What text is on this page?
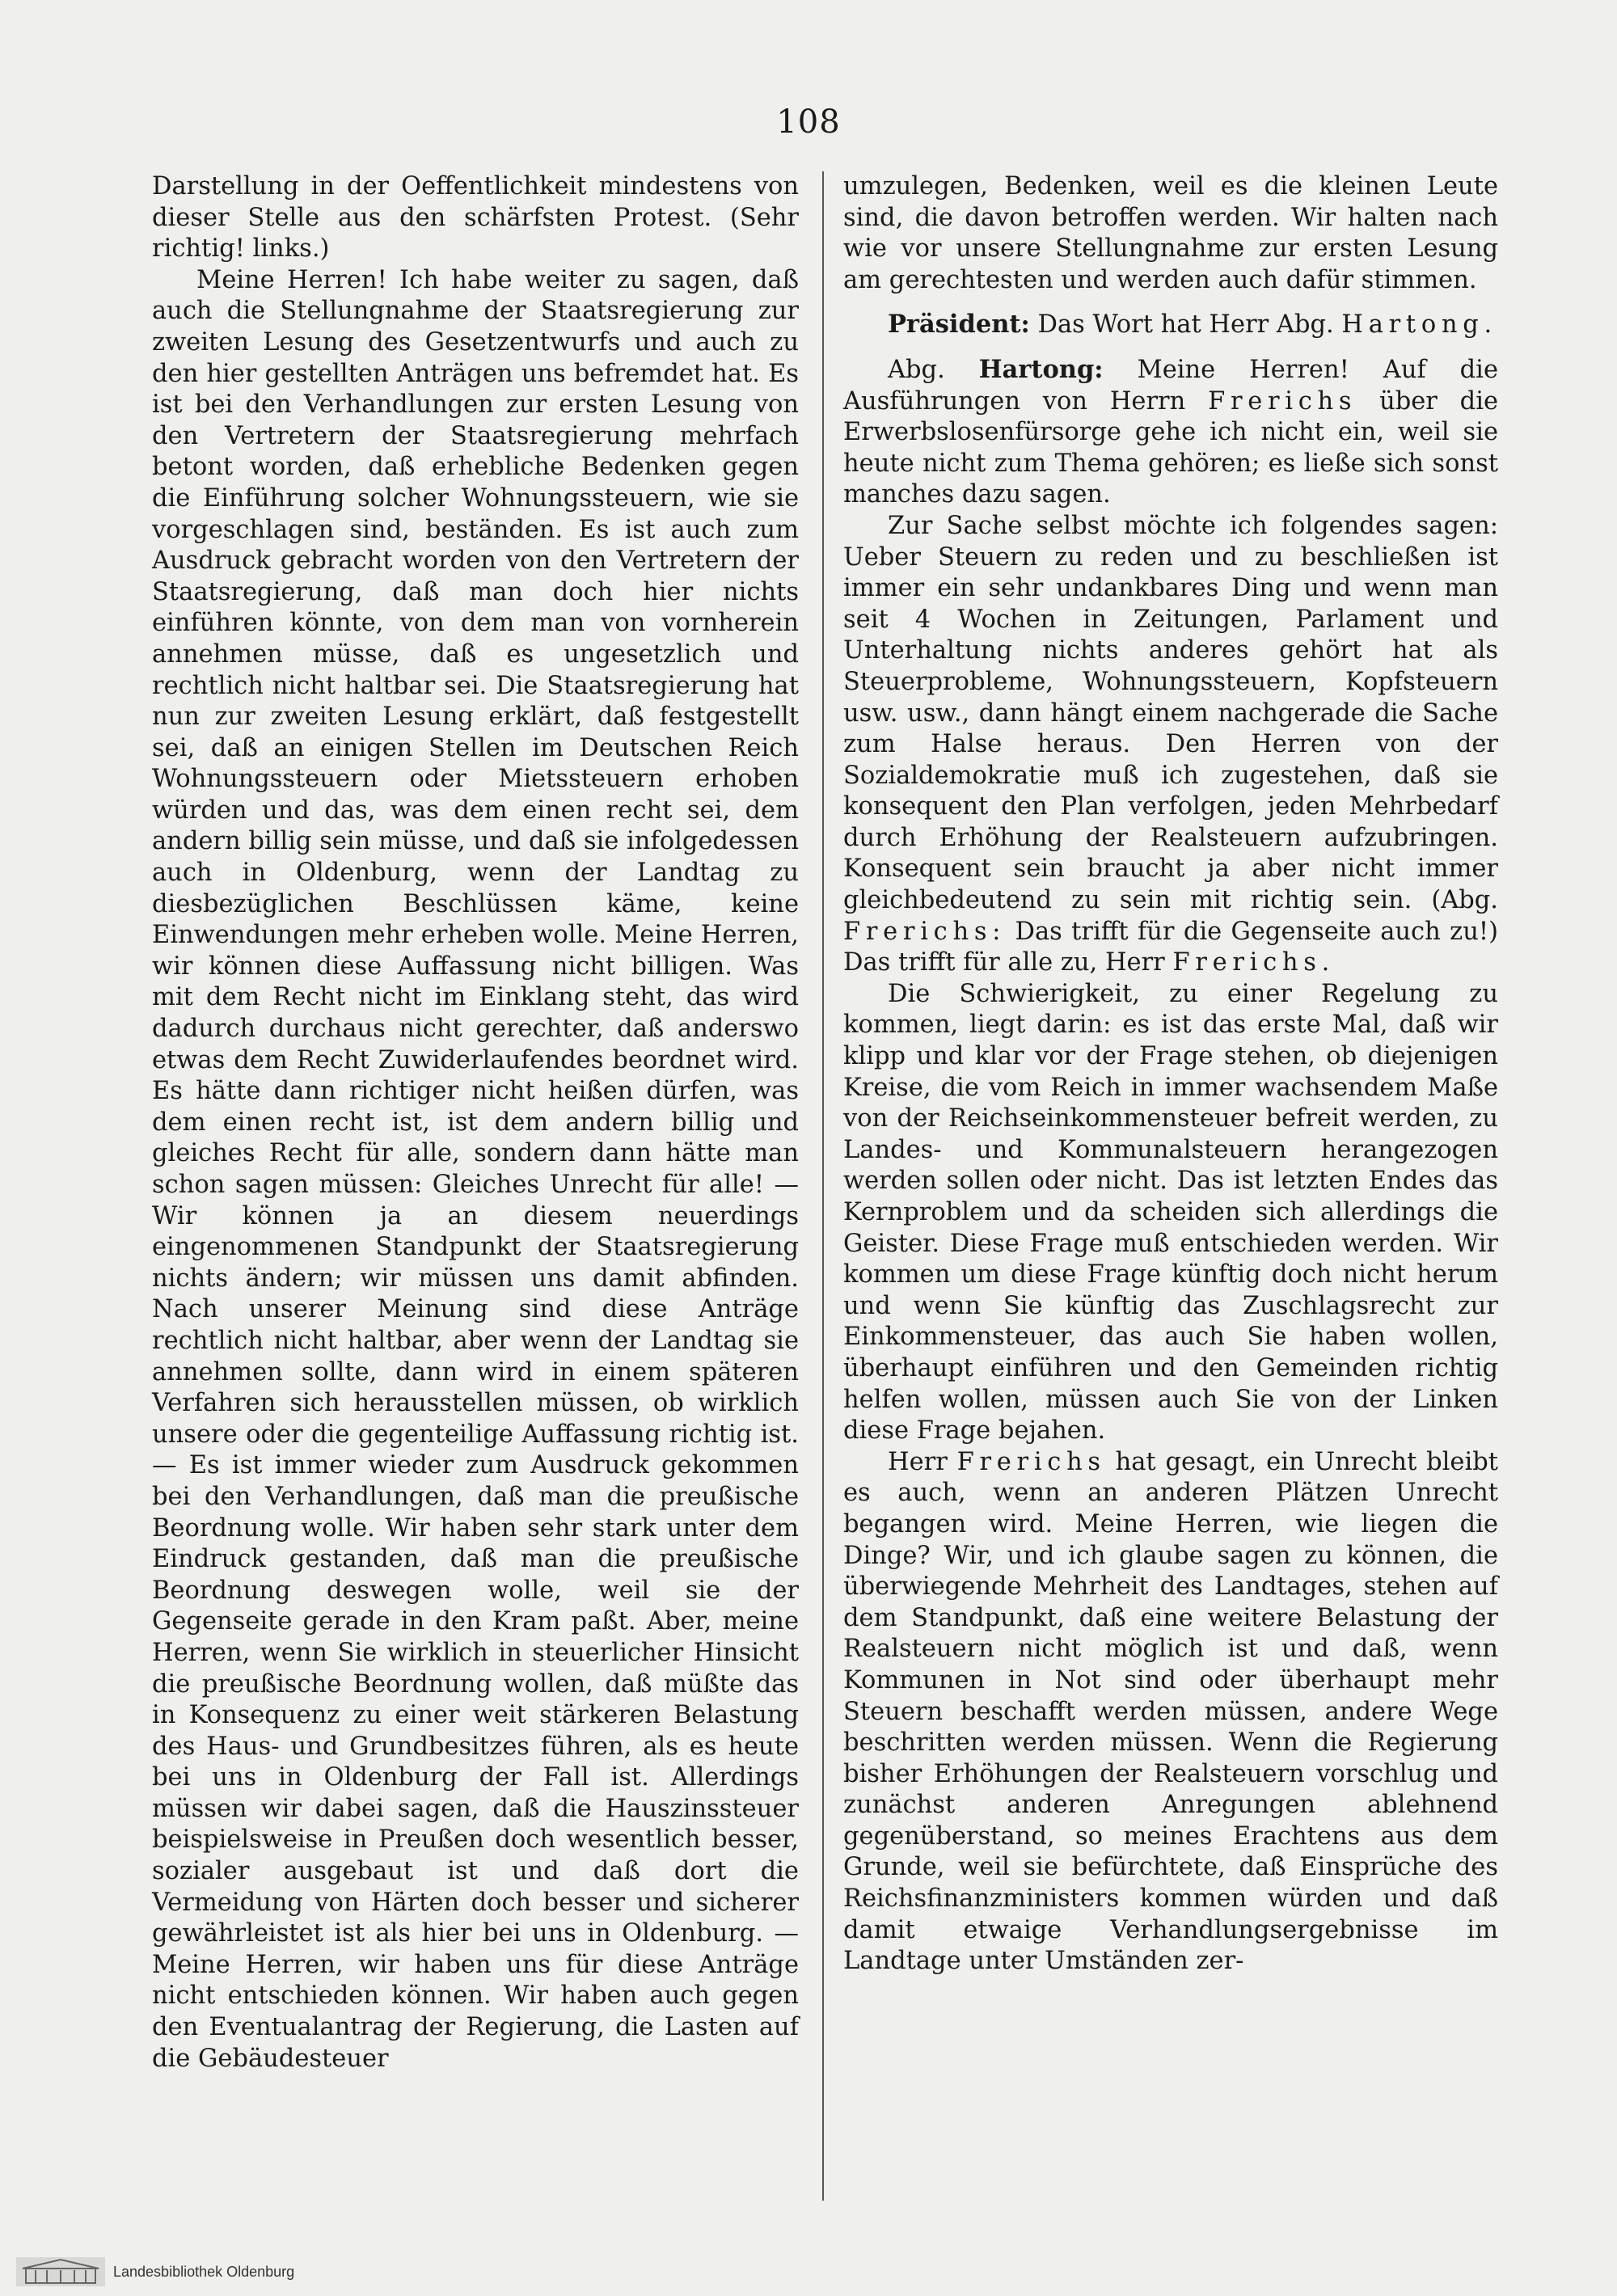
108

Darstellung in der Oeffentlichkeit mindestens von dieser Stelle aus den schärfsten Protest. (Sehr richtig! links.)

Meine Herren! Ich habe weiter zu sagen, daß auch die Stellungnahme der Staatsregierung zur zweiten Lesung des Gesetzentwurfs und auch zu den hier gestellten Anträgen uns befremdet hat. Es ist bei den Verhandlungen zur ersten Lesung von den Vertretern der Staatsregierung mehrfach betont worden, daß erhebliche Bedenken gegen die Einführung solcher Wohnungssteuern, wie sie vorgeschlagen sind, beständen. Es ist auch zum Ausdruck gebracht worden von den Vertretern der Staatsregierung, daß man doch hier nichts einführen könnte, von dem man von vornherein annehmen müsse, daß es ungesetzlich und rechtlich nicht haltbar sei. Die Staatsregierung hat nun zur zweiten Lesung erklärt, daß festgestellt sei, daß an einigen Stellen im Deutschen Reich Wohnungssteuern oder Mietssteuern erhoben würden und das, was dem einen recht sei, dem andern billig sein müsse, und daß sie infolgedessen auch in Oldenburg, wenn der Landtag zu diesbezüglichen Beschlüssen käme, keine Einwendungen mehr erheben wolle. Meine Herren, wir können diese Auffassung nicht billigen. Was mit dem Recht nicht im Einklang steht, das wird dadurch durchaus nicht gerechter, daß anderswo etwas dem Recht Zuwiderlaufendes beordnet wird. Es hätte dann richtiger nicht heißen dürfen, was dem einen recht ist, ist dem andern billig und gleiches Recht für alle, sondern dann hätte man schon sagen müssen: Gleiches Unrecht für alle! — Wir können ja an diesem neuerdings eingenommenen Standpunkt der Staatsregierung nichts ändern; wir müssen uns damit abfinden. Nach unserer Meinung sind diese Anträge rechtlich nicht haltbar, aber wenn der Landtag sie annehmen sollte, dann wird in einem späteren Verfahren sich herausstellen müssen, ob wirklich unsere oder die gegenteilige Auffassung richtig ist. — Es ist immer wieder zum Ausdruck gekommen bei den Verhandlungen, daß man die preußische Beordnung wolle. Wir haben sehr stark unter dem Eindruck gestanden, daß man die preußische Beordnung deswegen wolle, weil sie der Gegenseite gerade in den Kram paßt. Aber, meine Herren, wenn Sie wirklich in steuerlicher Hinsicht die preußische Beordnung wollen, daß müßte das in Konsequenz zu einer weit stärkeren Belastung des Haus- und Grundbesitzes führen, als es heute bei uns in Oldenburg der Fall ist. Allerdings müssen wir dabei sagen, daß die Hauszinssteuer beispielsweise in Preußen doch wesentlich besser, sozialer ausgebaut ist und daß dort die Vermeidung von Härten doch besser und sicherer gewährleistet ist als hier bei uns in Oldenburg. — Meine Herren, wir haben uns für diese Anträge nicht entschieden können. Wir haben auch gegen den Eventualantrag der Regierung, die Lasten auf die Gebäudesteuer

umzulegen, Bedenken, weil es die kleinen Leute sind, die davon betroffen werden. Wir halten nach wie vor unsere Stellungnahme zur ersten Lesung am gerechtesten und werden auch dafür stimmen.

Präsident: Das Wort hat Herr Abg. Hartong.

Abg. Hartong: Meine Herren! Auf die Ausführungen von Herrn Frerichs über die Erwerbslosenfürsorge gehe ich nicht ein, weil sie heute nicht zum Thema gehören; es ließe sich sonst manches dazu sagen.

Zur Sache selbst möchte ich folgendes sagen: Ueber Steuern zu reden und zu beschließen ist immer ein sehr undankbares Ding und wenn man seit 4 Wochen in Zeitungen, Parlament und Unterhaltung nichts anderes gehört hat als Steuerprobleme, Wohnungssteuern, Kopfsteuern usw. usw., dann hängt einem nachgerade die Sache zum Halse heraus. Den Herren von der Sozialdemokratie muß ich zugestehen, daß sie konsequent den Plan verfolgen, jeden Mehrbedarf durch Erhöhung der Realsteuern aufzubringen. Konsequent sein braucht ja aber nicht immer gleichbedeutend zu sein mit richtig sein. (Abg. Frerichs: Das trifft für die Gegenseite auch zu!) Das trifft für alle zu, Herr Frerichs.

Die Schwierigkeit, zu einer Regelung zu kommen, liegt darin: es ist das erste Mal, daß wir klipp und klar vor der Frage stehen, ob diejenigen Kreise, die vom Reich in immer wachsendem Maße von der Reichseinkommensteuer befreit werden, zu Landes- und Kommunalsteuern herangezogen werden sollen oder nicht. Das ist letzten Endes das Kernproblem und da scheiden sich allerdings die Geister. Diese Frage muß entschieden werden. Wir kommen um diese Frage künftig doch nicht herum und wenn Sie künftig das Zuschlagsrecht zur Einkommensteuer, das auch Sie haben wollen, überhaupt einführen und den Gemeinden richtig helfen wollen, müssen auch Sie von der Linken diese Frage bejahen.

Herr Frerichs hat gesagt, ein Unrecht bleibt es auch, wenn an anderen Plätzen Unrecht begangen wird. Meine Herren, wie liegen die Dinge? Wir, und ich glaube sagen zu können, die überwiegende Mehrheit des Landtages, stehen auf dem Standpunkt, daß eine weitere Belastung der Realsteuern nicht möglich ist und daß, wenn Kommunen in Not sind oder überhaupt mehr Steuern beschafft werden müssen, andere Wege beschritten werden müssen. Wenn die Regierung bisher Erhöhungen der Realsteuern vorschlug und zunächst anderen Anregungen ablehnend gegenüberstand, so meines Erachtens aus dem Grunde, weil sie befürchtete, daß Einsprüche des Reichsfinanzministers kommen würden und daß damit etwaige Verhandlungsergebnisse im Landtage unter Umständen zer-

Landesbibliothek Oldenburg
